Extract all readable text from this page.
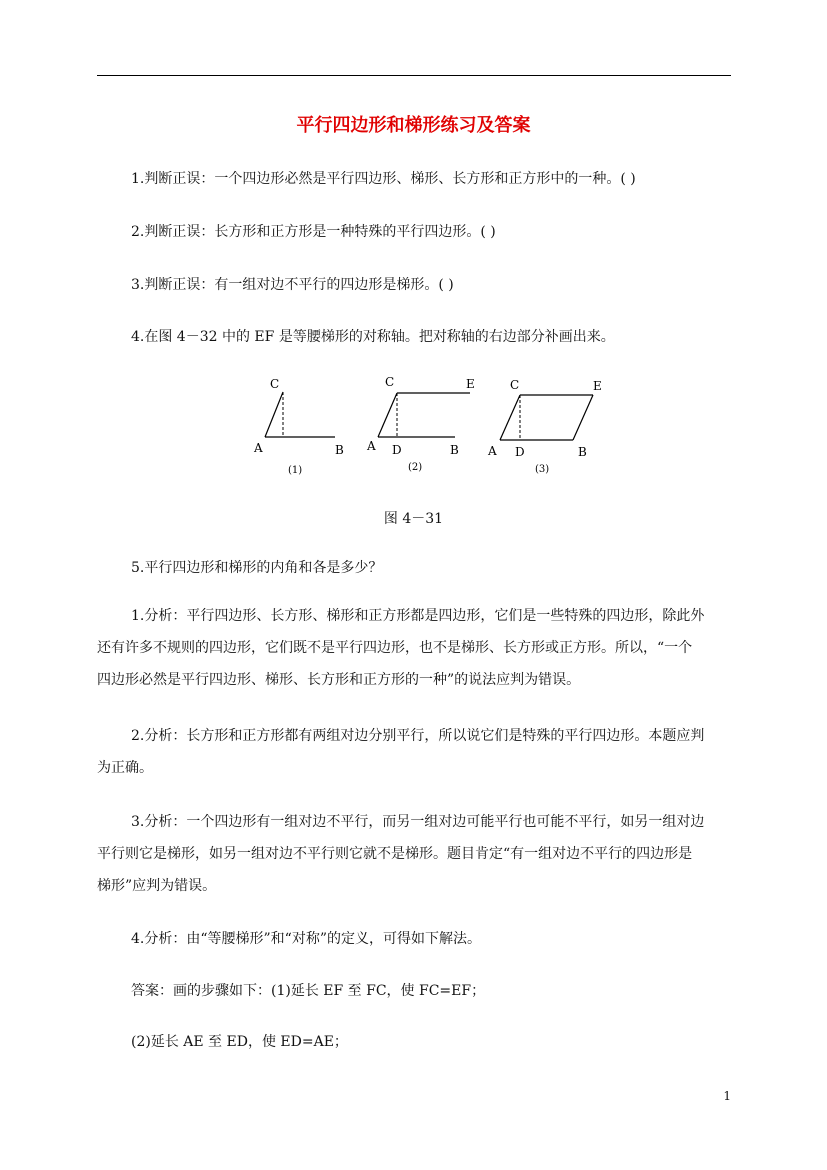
平行四边形和梯形练习及答案
1.判断正误：一个四边形必然是平行四边形、梯形、长方形和正方形中的一种。( )
2.判断正误：长方形和正方形是一种特殊的平行四边形。( )
3.判断正误：有一组对边不平行的四边形是梯形。( )
4.在图 4－32 中的 EF 是等腰梯形的对称轴。把对称轴的右边部分补画出来。
C
A	B
(1)
C	E
A D	B
(2)
C	E
A D	B
(3)
图 4－31
5.平行四边形和梯形的内角和各是多少？
1.分析：平行四边形、长方形、梯形和正方形都是四边形，它们是一些特殊的四边形，除此外
还有许多不规则的四边形，它们既不是平行四边形，也不是梯形、长方形或正方形。所以，“一个
四边形必然是平行四边形、梯形、长方形和正方形的一种”的说法应判为错误。
2.分析：长方形和正方形都有两组对边分别平行，所以说它们是特殊的平行四边形。本题应判
为正确。
3.分析：一个四边形有一组对边不平行，而另一组对边可能平行也可能不平行，如另一组对边
平行则它是梯形，如另一组对边不平行则它就不是梯形。题目肯定“有一组对边不平行的四边形是
梯形”应判为错误。
4.分析：由“等腰梯形”和“对称”的定义，可得如下解法。
答案：画的步骤如下：(1)延长 EF 至 FC，使 FC=EF；
(2)延长 AE 至 ED，使 ED=AE；
1
